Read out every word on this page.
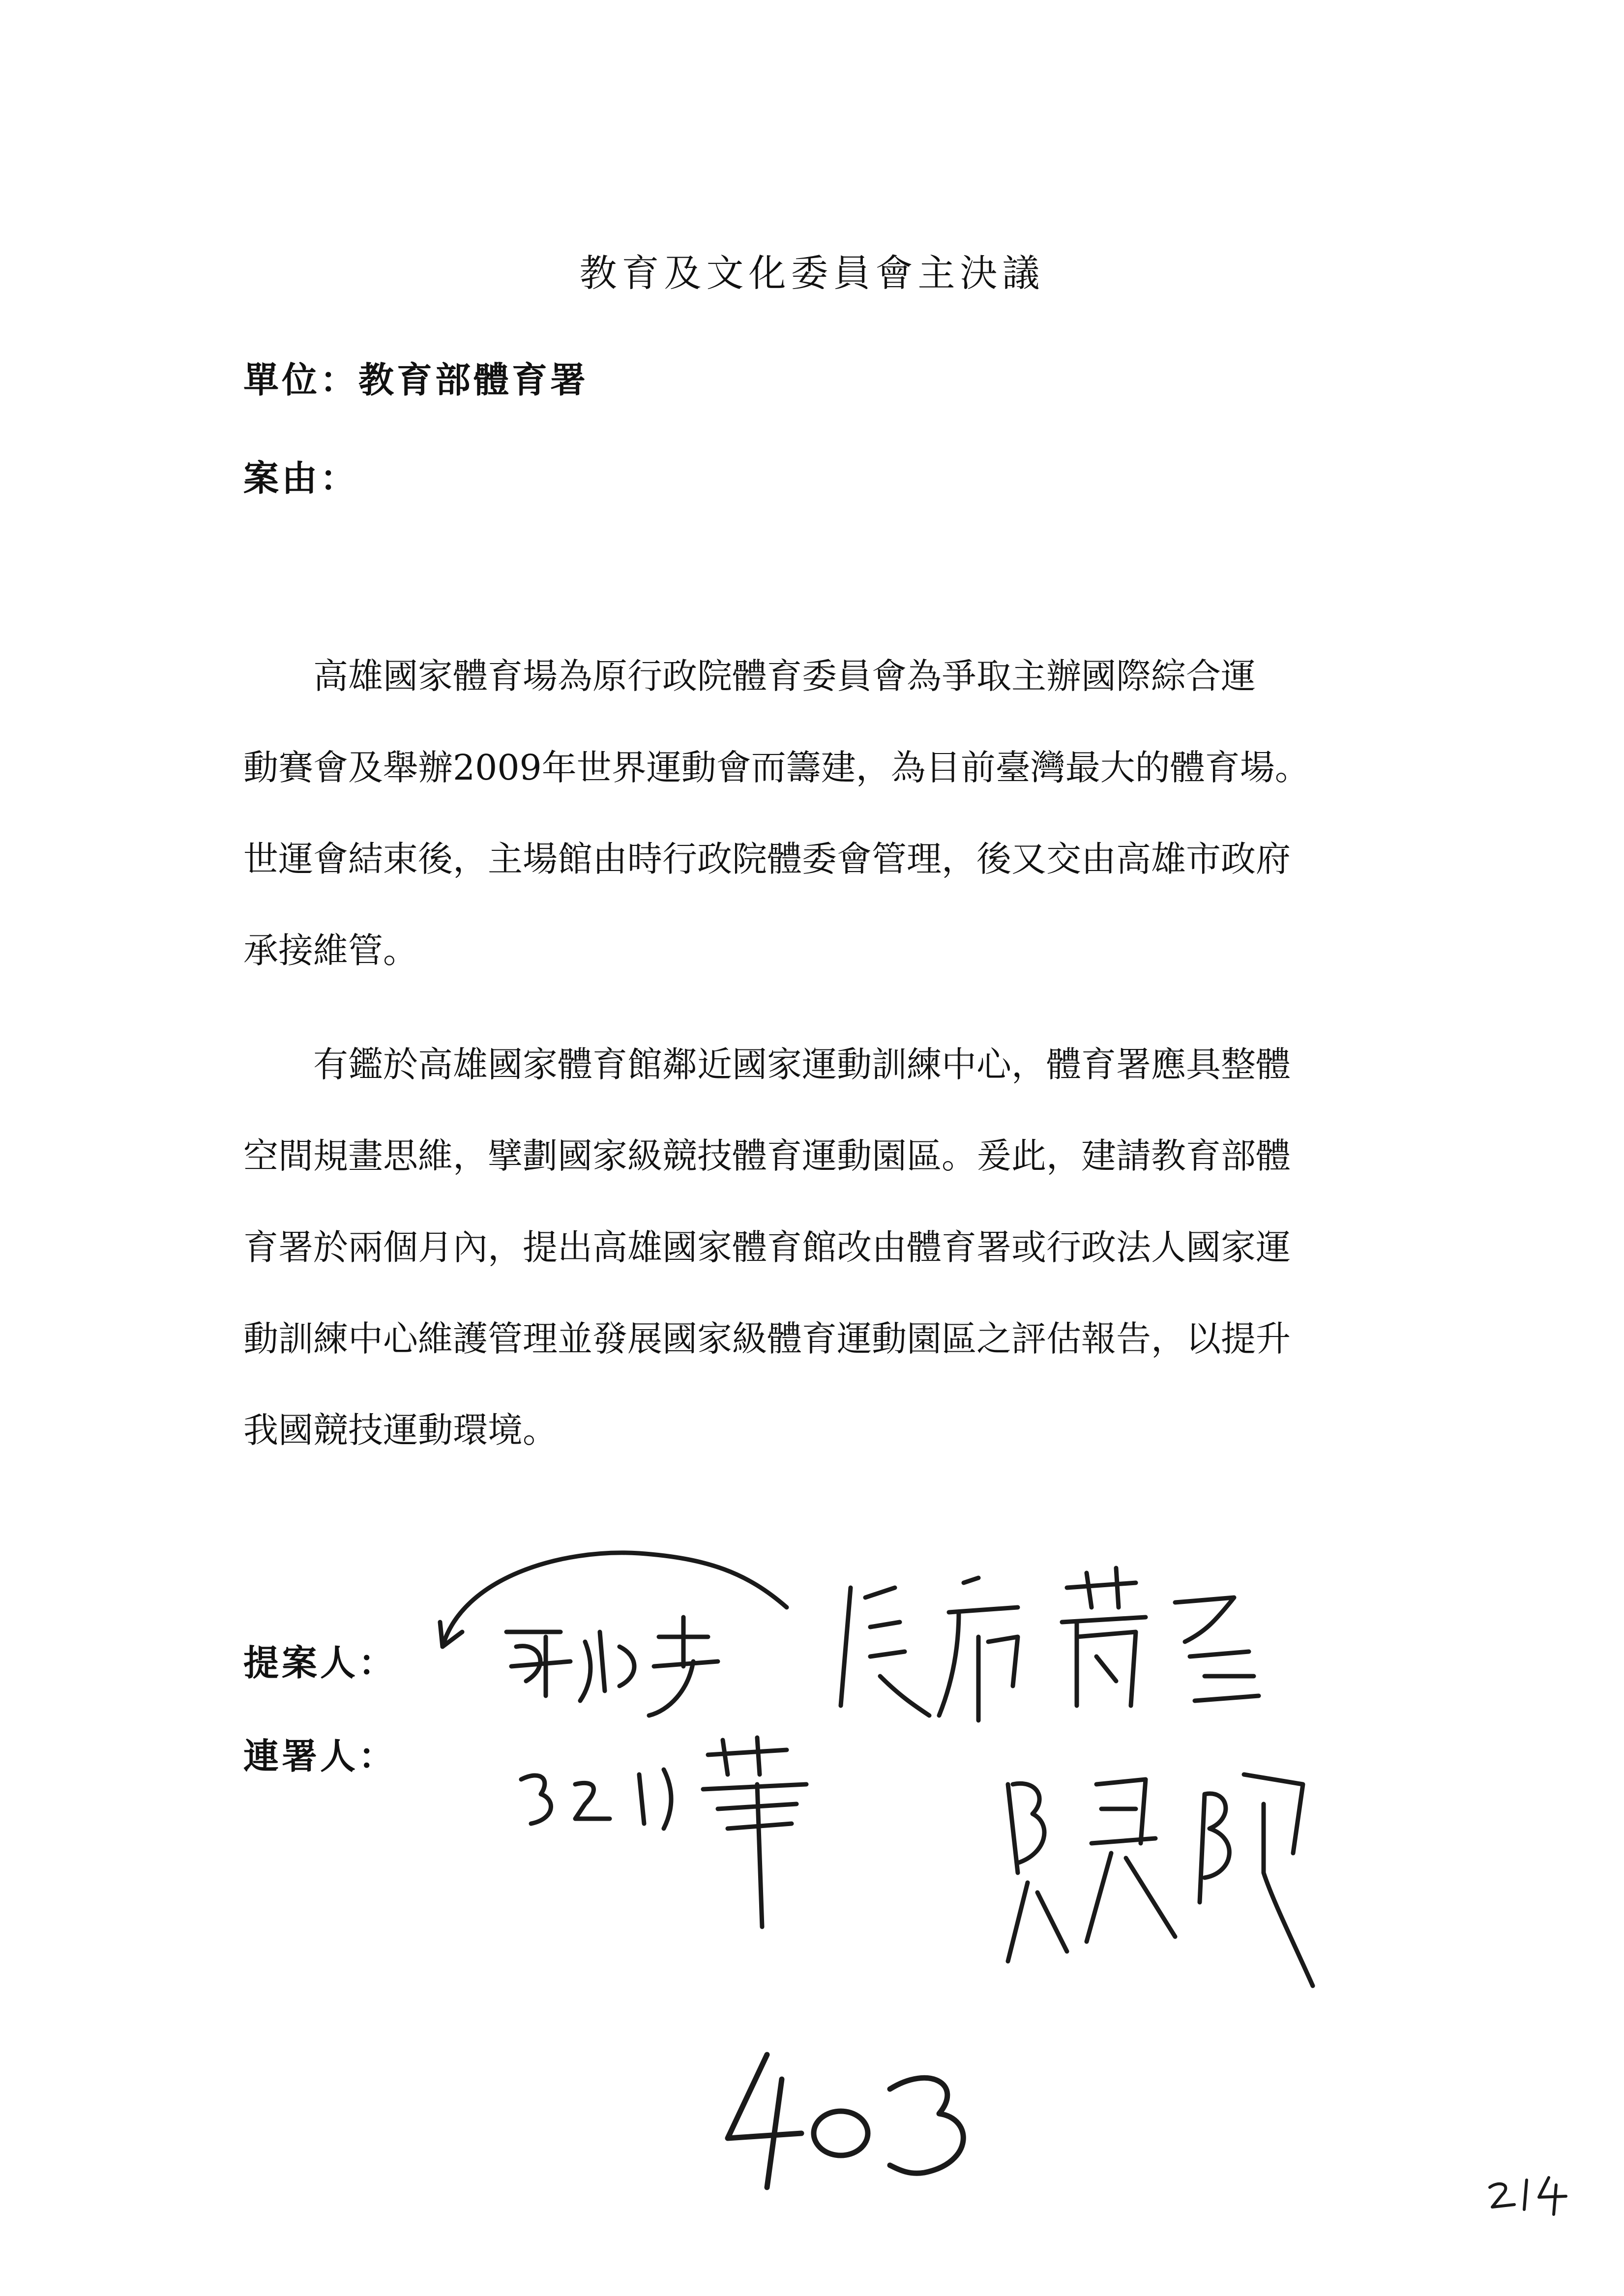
教育及文化委員會主決議
單位：教育部體育署
案由：
　　高雄國家體育場為原行政院體育委員會為爭取主辦國際綜合運
動賽會及舉辦2009年世界運動會而籌建，為目前臺灣最大的體育場。
世運會結束後，主場館由時行政院體委會管理，後又交由高雄市政府
承接維管。
　　有鑑於高雄國家體育館鄰近國家運動訓練中心，體育署應具整體
空間規畫思維，擘劃國家級競技體育運動園區。爰此，建請教育部體
育署於兩個月內，提出高雄國家體育館改由體育署或行政法人國家運
動訓練中心維護管理並發展國家級體育運動園區之評估報告，以提升
我國競技運動環境。
提案人：
連署人：
